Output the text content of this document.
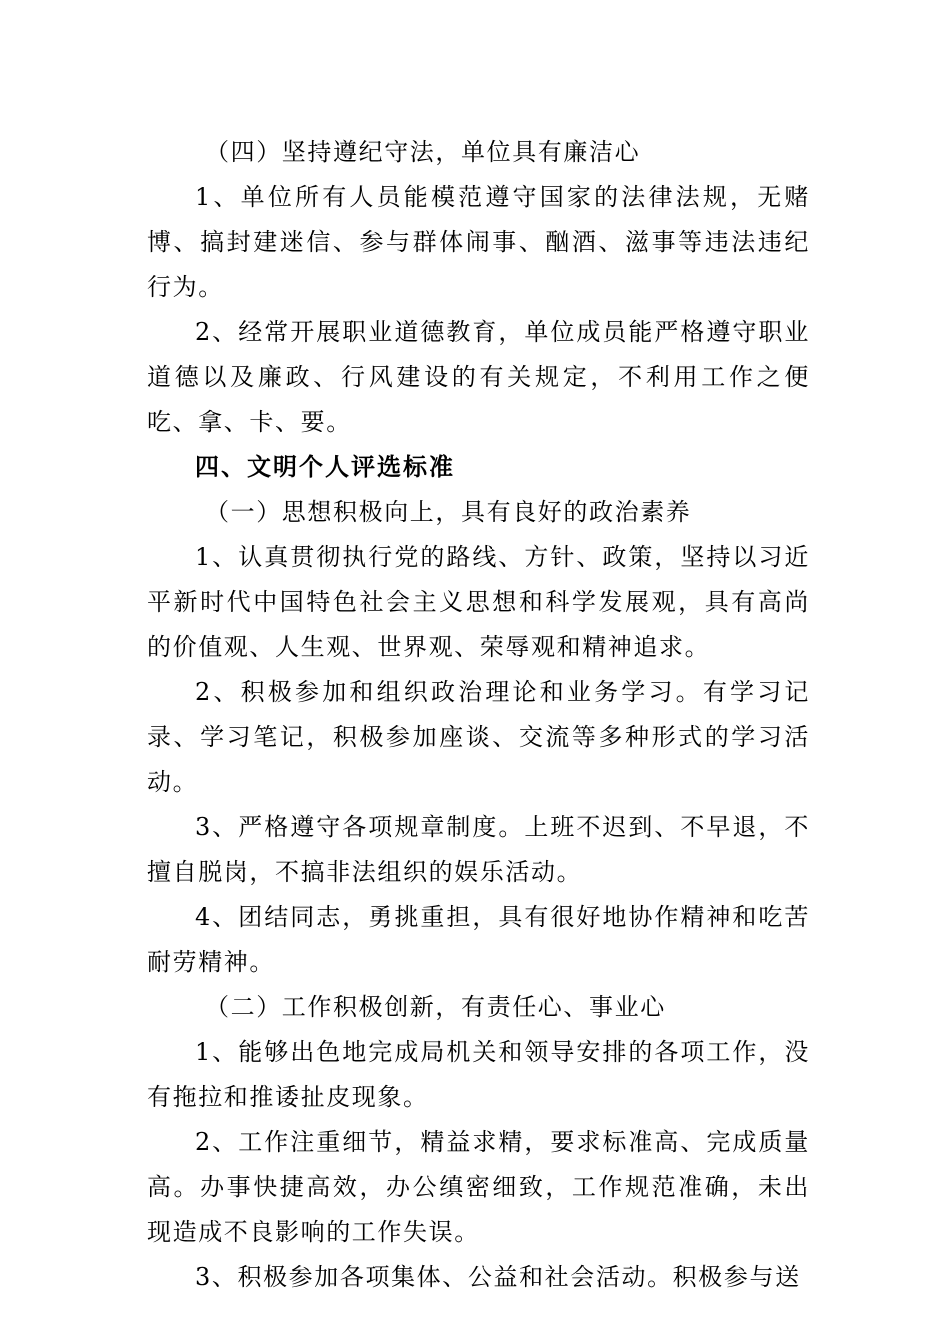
（四）坚持遵纪守法，单位具有廉洁心

1、单位所有人员能模范遵守国家的法律法规，无赌博、搞封建迷信、参与群体闹事、酗酒、滋事等违法违纪行为。

2、经常开展职业道德教育，单位成员能严格遵守职业道德以及廉政、行风建设的有关规定，不利用工作之便吃、拿、卡、要。

四、文明个人评选标准

（一）思想积极向上，具有良好的政治素养

1、认真贯彻执行党的路线、方针、政策，坚持以习近平新时代中国特色社会主义思想和科学发展观，具有高尚的价值观、人生观、世界观、荣辱观和精神追求。

2、积极参加和组织政治理论和业务学习。有学习记录、学习笔记，积极参加座谈、交流等多种形式的学习活动。

3、严格遵守各项规章制度。上班不迟到、不早退，不擅自脱岗，不搞非法组织的娱乐活动。

4、团结同志，勇挑重担，具有很好地协作精神和吃苦耐劳精神。

（二）工作积极创新，有责任心、事业心

1、能够出色地完成局机关和领导安排的各项工作，没有拖拉和推诿扯皮现象。

2、工作注重细节，精益求精，要求标准高、完成质量高。办事快捷高效，办公缜密细致，工作规范准确，未出现造成不良影响的工作失误。

3、积极参加各项集体、公益和社会活动。积极参与送
